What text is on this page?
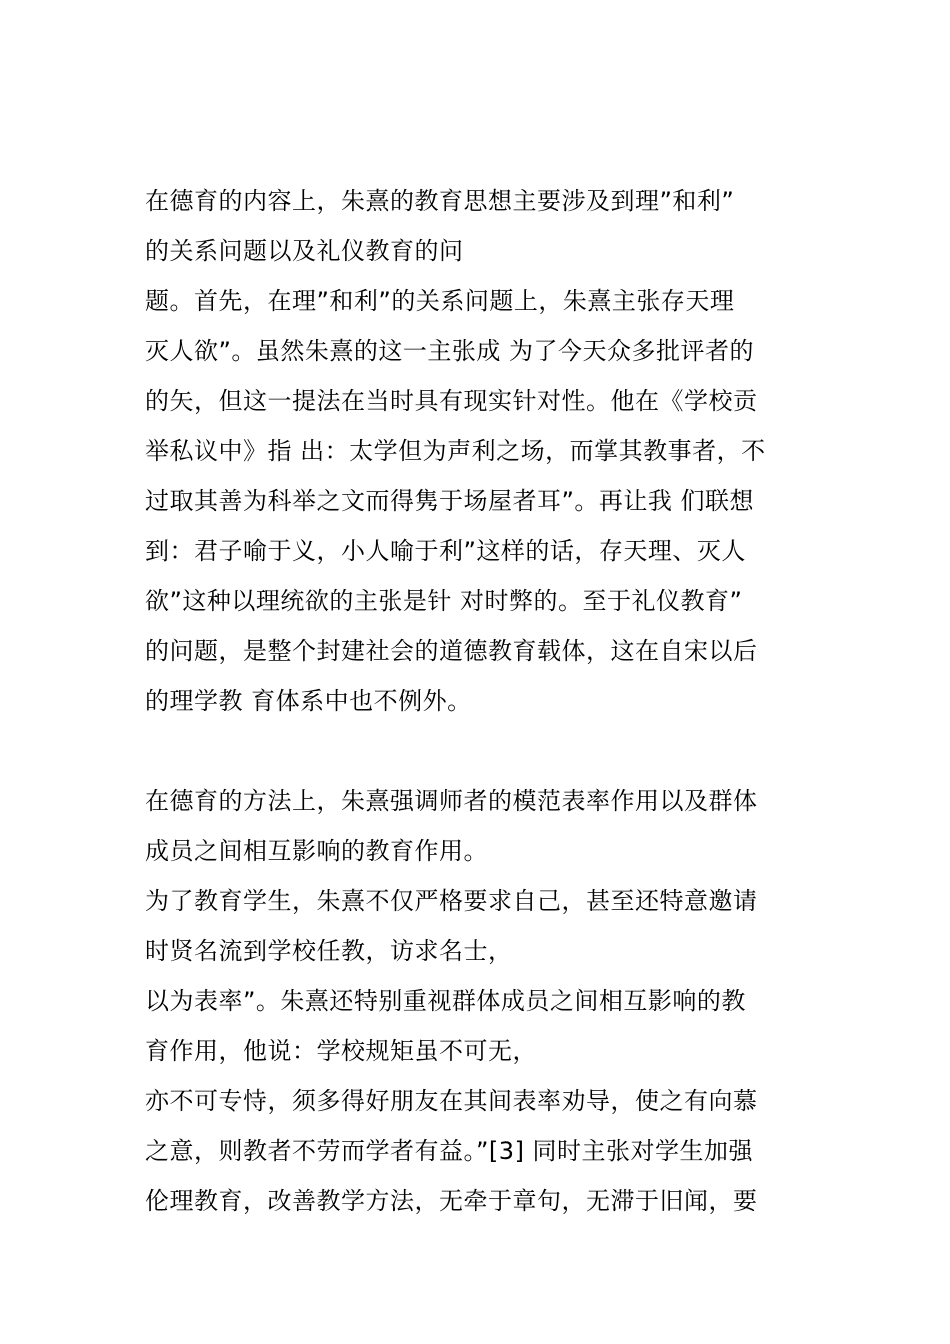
在德育的内容上，朱熹的教育思想主要涉及到理”和利”
的关系问题以及礼仪教育的问
题。首先，在理”和利”的关系问题上，朱熹主张存天理
灭人欲”。虽然朱熹的这一主张成 为了今天众多批评者的
的矢，但这一提法在当时具有现实针对性。他在《学校贡
举私议中》指 出：太学但为声利之场，而掌其教事者，不
过取其善为科举之文而得隽于场屋者耳”。再让我 们联想
到：君子喻于义，小人喻于利”这样的话，存天理、灭人
欲”这种以理统欲的主张是针 对时弊的。至于礼仪教育”
的问题，是整个封建社会的道德教育载体，这在自宋以后
的理学教 育体系中也不例外。
在德育的方法上，朱熹强调师者的模范表率作用以及群体
成员之间相互影响的教育作用。
为了教育学生，朱熹不仅严格要求自己，甚至还特意邀请
时贤名流到学校任教，访求名士，
以为表率”。朱熹还特别重视群体成员之间相互影响的教
育作用，他说：学校规矩虽不可无，
亦不可专恃，须多得好朋友在其间表率劝导，使之有向慕
之意，则教者不劳而学者有益。”[3] 同时主张对学生加强
伦理教育，改善教学方法，无牵于章句，无滞于旧闻，要
